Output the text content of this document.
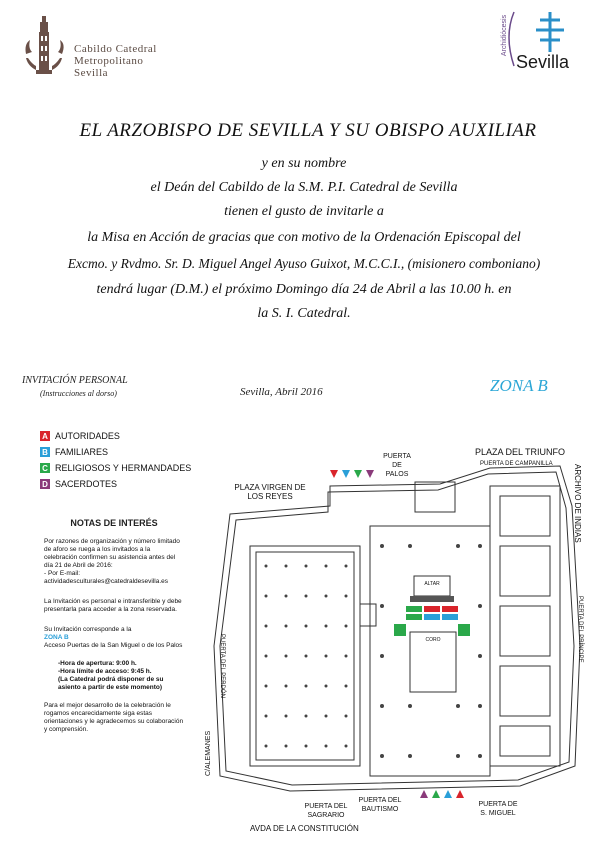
Cabildo Catedral
Metropolitano
Sevilla
Archidiócesis
Sevilla
EL ARZOBISPO DE SEVILLA Y SU OBISPO AUXILIAR
y en su nombre
el Deán del Cabildo de la S.M. P.I. Catedral de Sevilla
tienen el gusto de invitarle a
la Misa en Acción de gracias que con motivo de la Ordenación Episcopal del
Excmo. y Rvdmo. Sr. D. Miguel Angel Ayuso Guixot, M.C.C.I., (misionero comboniano)
tendrá lugar (D.M.) el próximo Domingo día 24 de Abril a las 10.00 h. en
la S. I. Catedral.
INVITACIÓN PERSONAL
(Instrucciones al dorso)	Sevilla, Abril 2016	ZONA B
A AUTORIDADES
B FAMILIARES
C RELIGIOSOS Y HERMANDADES
D SACERDOTES
NOTAS DE INTERÉS

Por razones de organización y número limitado de aforo se ruega a los invitados a la celebración confirmen su asistencia antes del día 21 de Abril de 2016:
- Por E-mail:
actividadesculturales@catedraldesevilla.es

La Invitación es personal e intransferible y debe presentarla para acceder a la zona reservada.

Su Invitación corresponde a la

ZONA B

Acceso Puertas de la San Miguel o de los Palos

-Hora de apertura: 9:00 h.

-Hora límite de acceso: 9:45 h.

(La Catedral podrá disponer de su asiento a partir de este momento)

Para el mejor desarrollo de la celebración le rogamos encarecidamente siga estas orientaciones y le agradecemos su colaboración y comprensión.

PLAZA DEL TRIUNFO
PUERTA DE CAMPANILLA
PUERTA DE PALOS
PLAZA VIRGEN DE LOS REYES	ARCHIVO DE INDIAS
PUERTA DEL PRÍNCIPE
PUERTA DEL PERDÓN
C/ALEMANES
ALTAR
CORO
PUERTA DEL SAGRARIO
PUERTA DEL BAUTISMO
PUERTA DE S. MIGUEL
AVDA DE LA CONSTITUCIÓN
